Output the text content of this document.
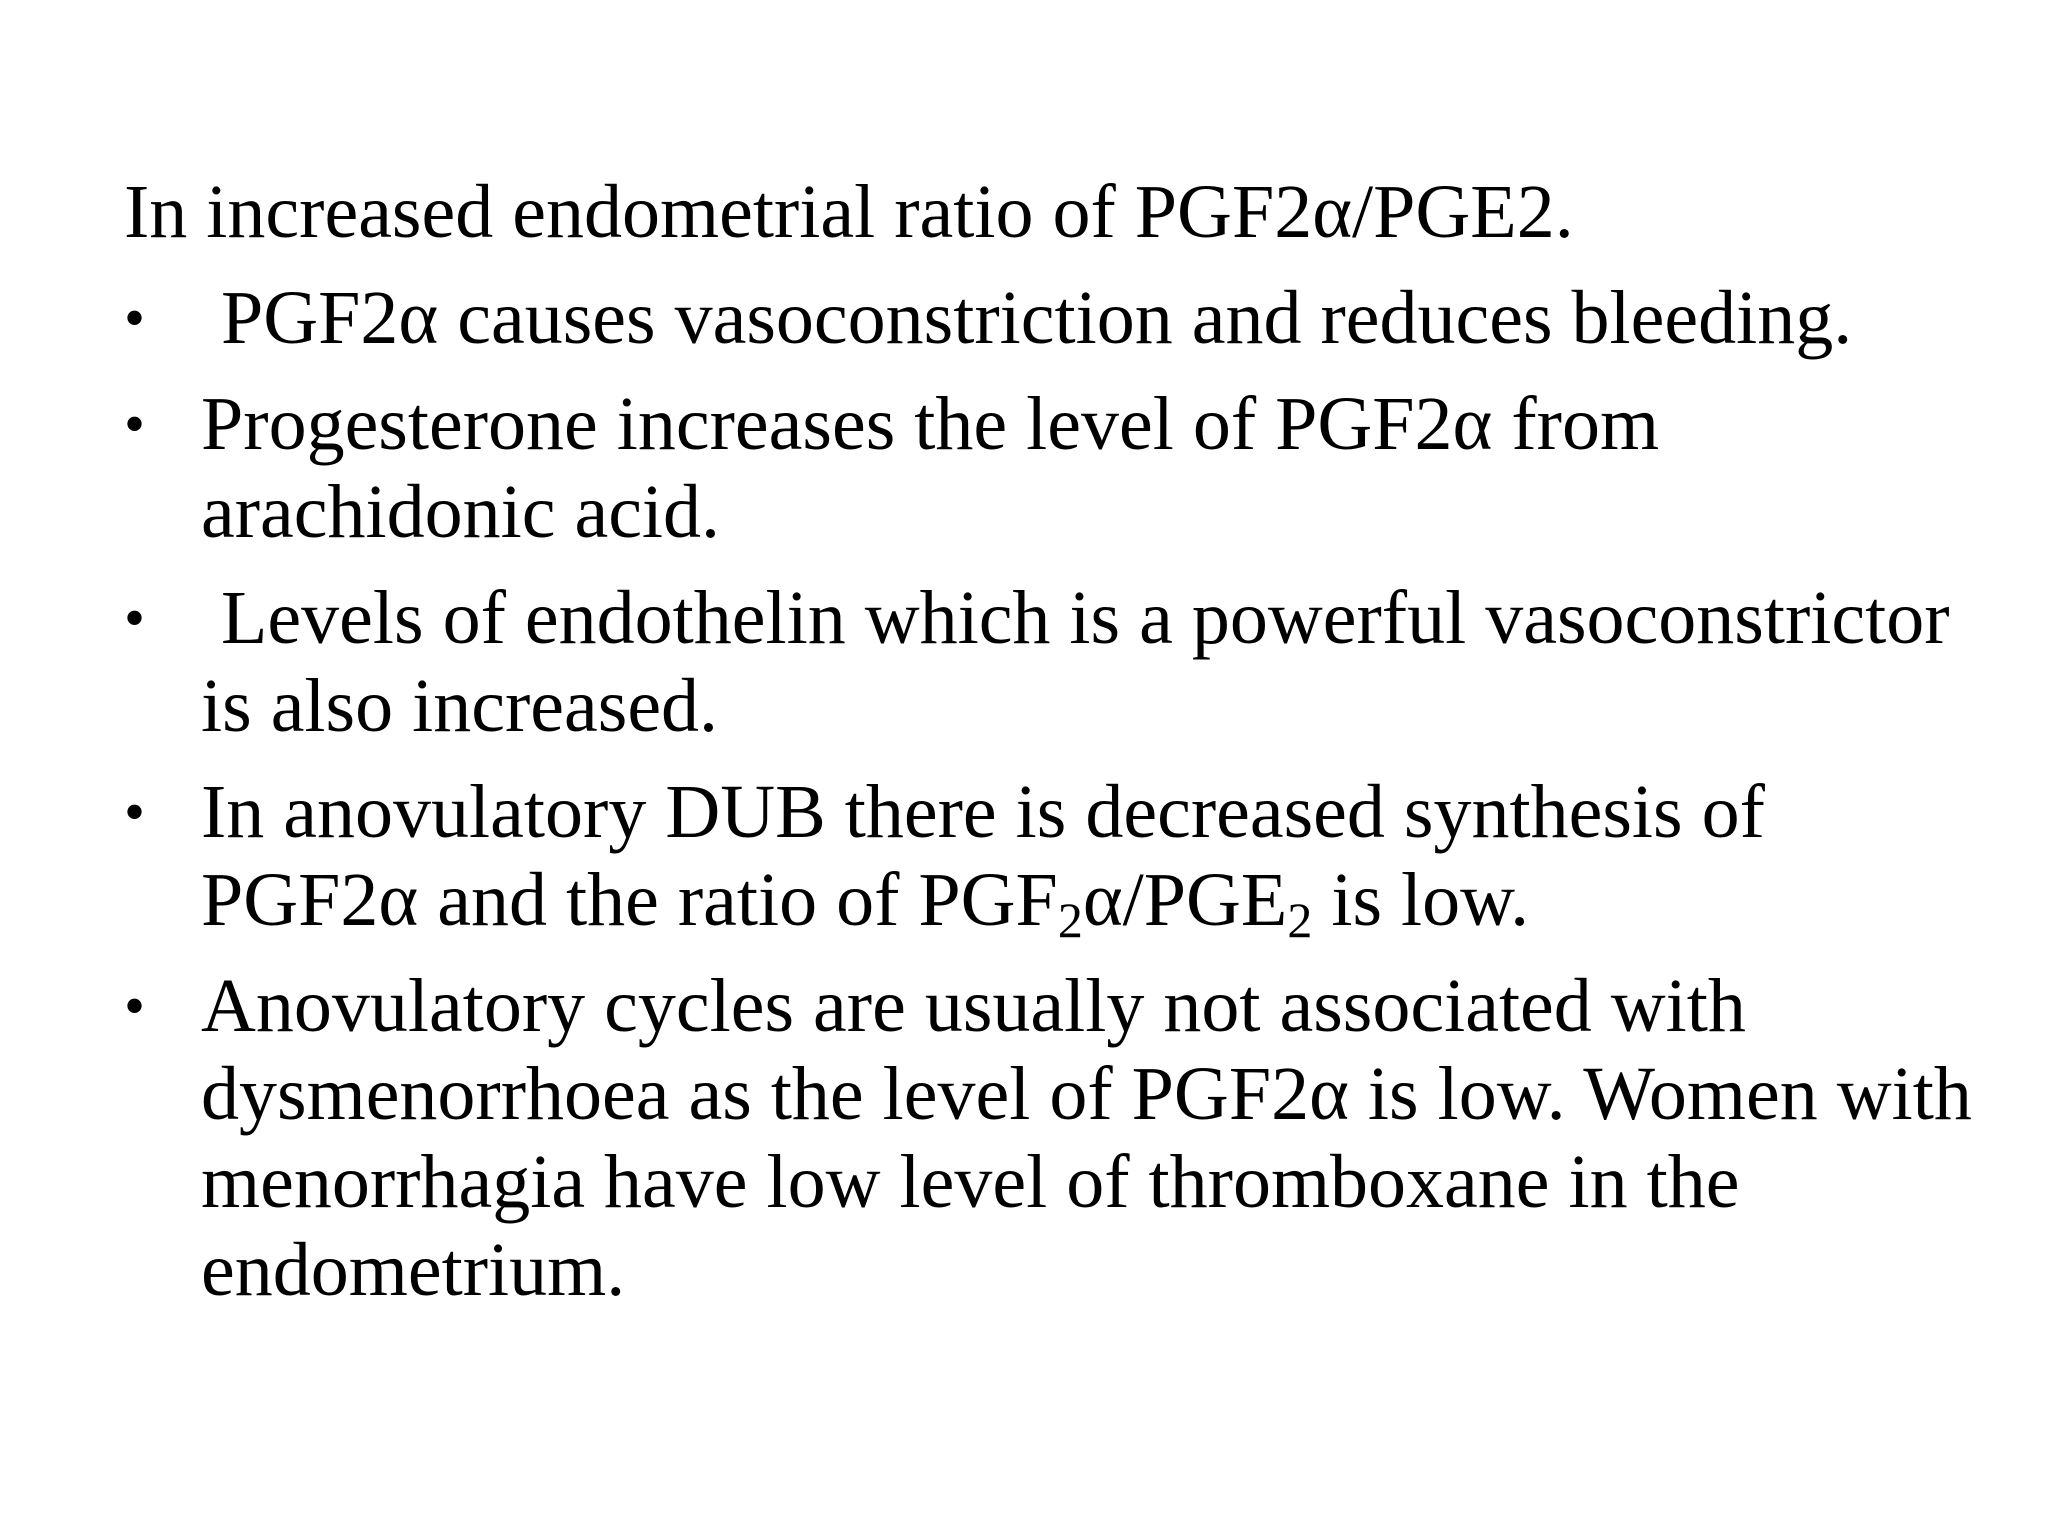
In increased endometrial ratio of PGF2α/PGE2.

• PGF2α causes vasoconstriction and reduces bleeding.
• Progesterone increases the level of PGF2α from
arachidonic acid.
• Levels of endothelin which is a powerful vasoconstrictor
is also increased.
• In anovulatory DUB there is decreased synthesis of
PGF2α and the ratio of $PGF_2\alpha/PGE_2$ is low.
• Anovulatory cycles are usually not associated with
dysmenorrhoea as the level of PGF2α is low. Women with
menorrhagia have low level of thromboxane in the
endometrium.
